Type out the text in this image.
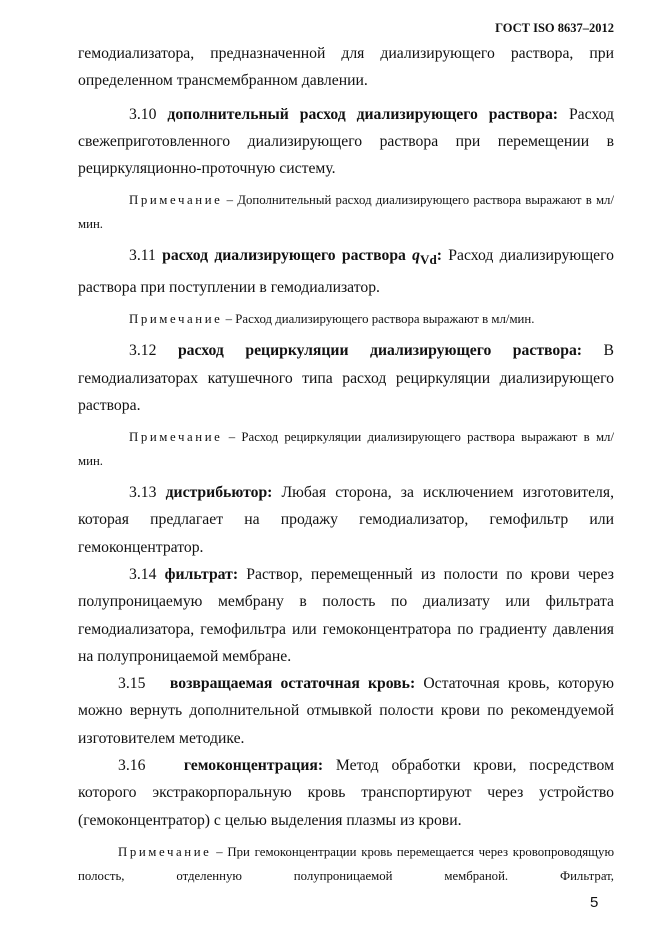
ГОСТ ISO 8637–2012

гемодиализатора, предназначенной для диализирующего раствора, при определенном трансмембранном давлении.

3.10 дополнительный расход диализирующего раствора: Расход свежеприготовленного диализирующего раствора при перемещении в рециркуляционно-проточную систему.

Примечание – Дополнительный расход диализирующего раствора выражают в мл/мин.

3.11 расход диализирующего раствора $q_{Vd}$: Расход диализирующего раствора при поступлении в гемодиализатор.

Примечание – Расход диализирующего раствора выражают в мл/мин.

3.12 расход рециркуляции диализирующего раствора: В гемодиализаторах катушечного типа расход рециркуляции диализирующего раствора.

Примечание – Расход рециркуляции диализирующего раствора выражают в мл/мин.

3.13 дистрибьютор: Любая сторона, за исключением изготовителя, которая предлагает на продажу гемодиализатор, гемофильтр или гемоконцентратор.

3.14 фильтрат: Раствор, перемещенный из полости по крови через полупроницаемую мембрану в полость по диализату или фильтрата гемодиализатора, гемофильтра или гемоконцентратора по градиенту давления на полупроницаемой мембране.

3.15 возвращаемая остаточная кровь: Остаточная кровь, которую можно вернуть дополнительной отмывкой полости крови по рекомендуемой изготовителем методике.

3.16 гемоконцентрация: Метод обработки крови, посредством которого экстракорпоральную кровь транспортируют через устройство (гемоконцентратор) с целью выделения плазмы из крови.

Примечание – При гемоконцентрации кровь перемещается через кровопроводящую полость, отделенную полупроницаемой мембраной. Фильтрат,

5
